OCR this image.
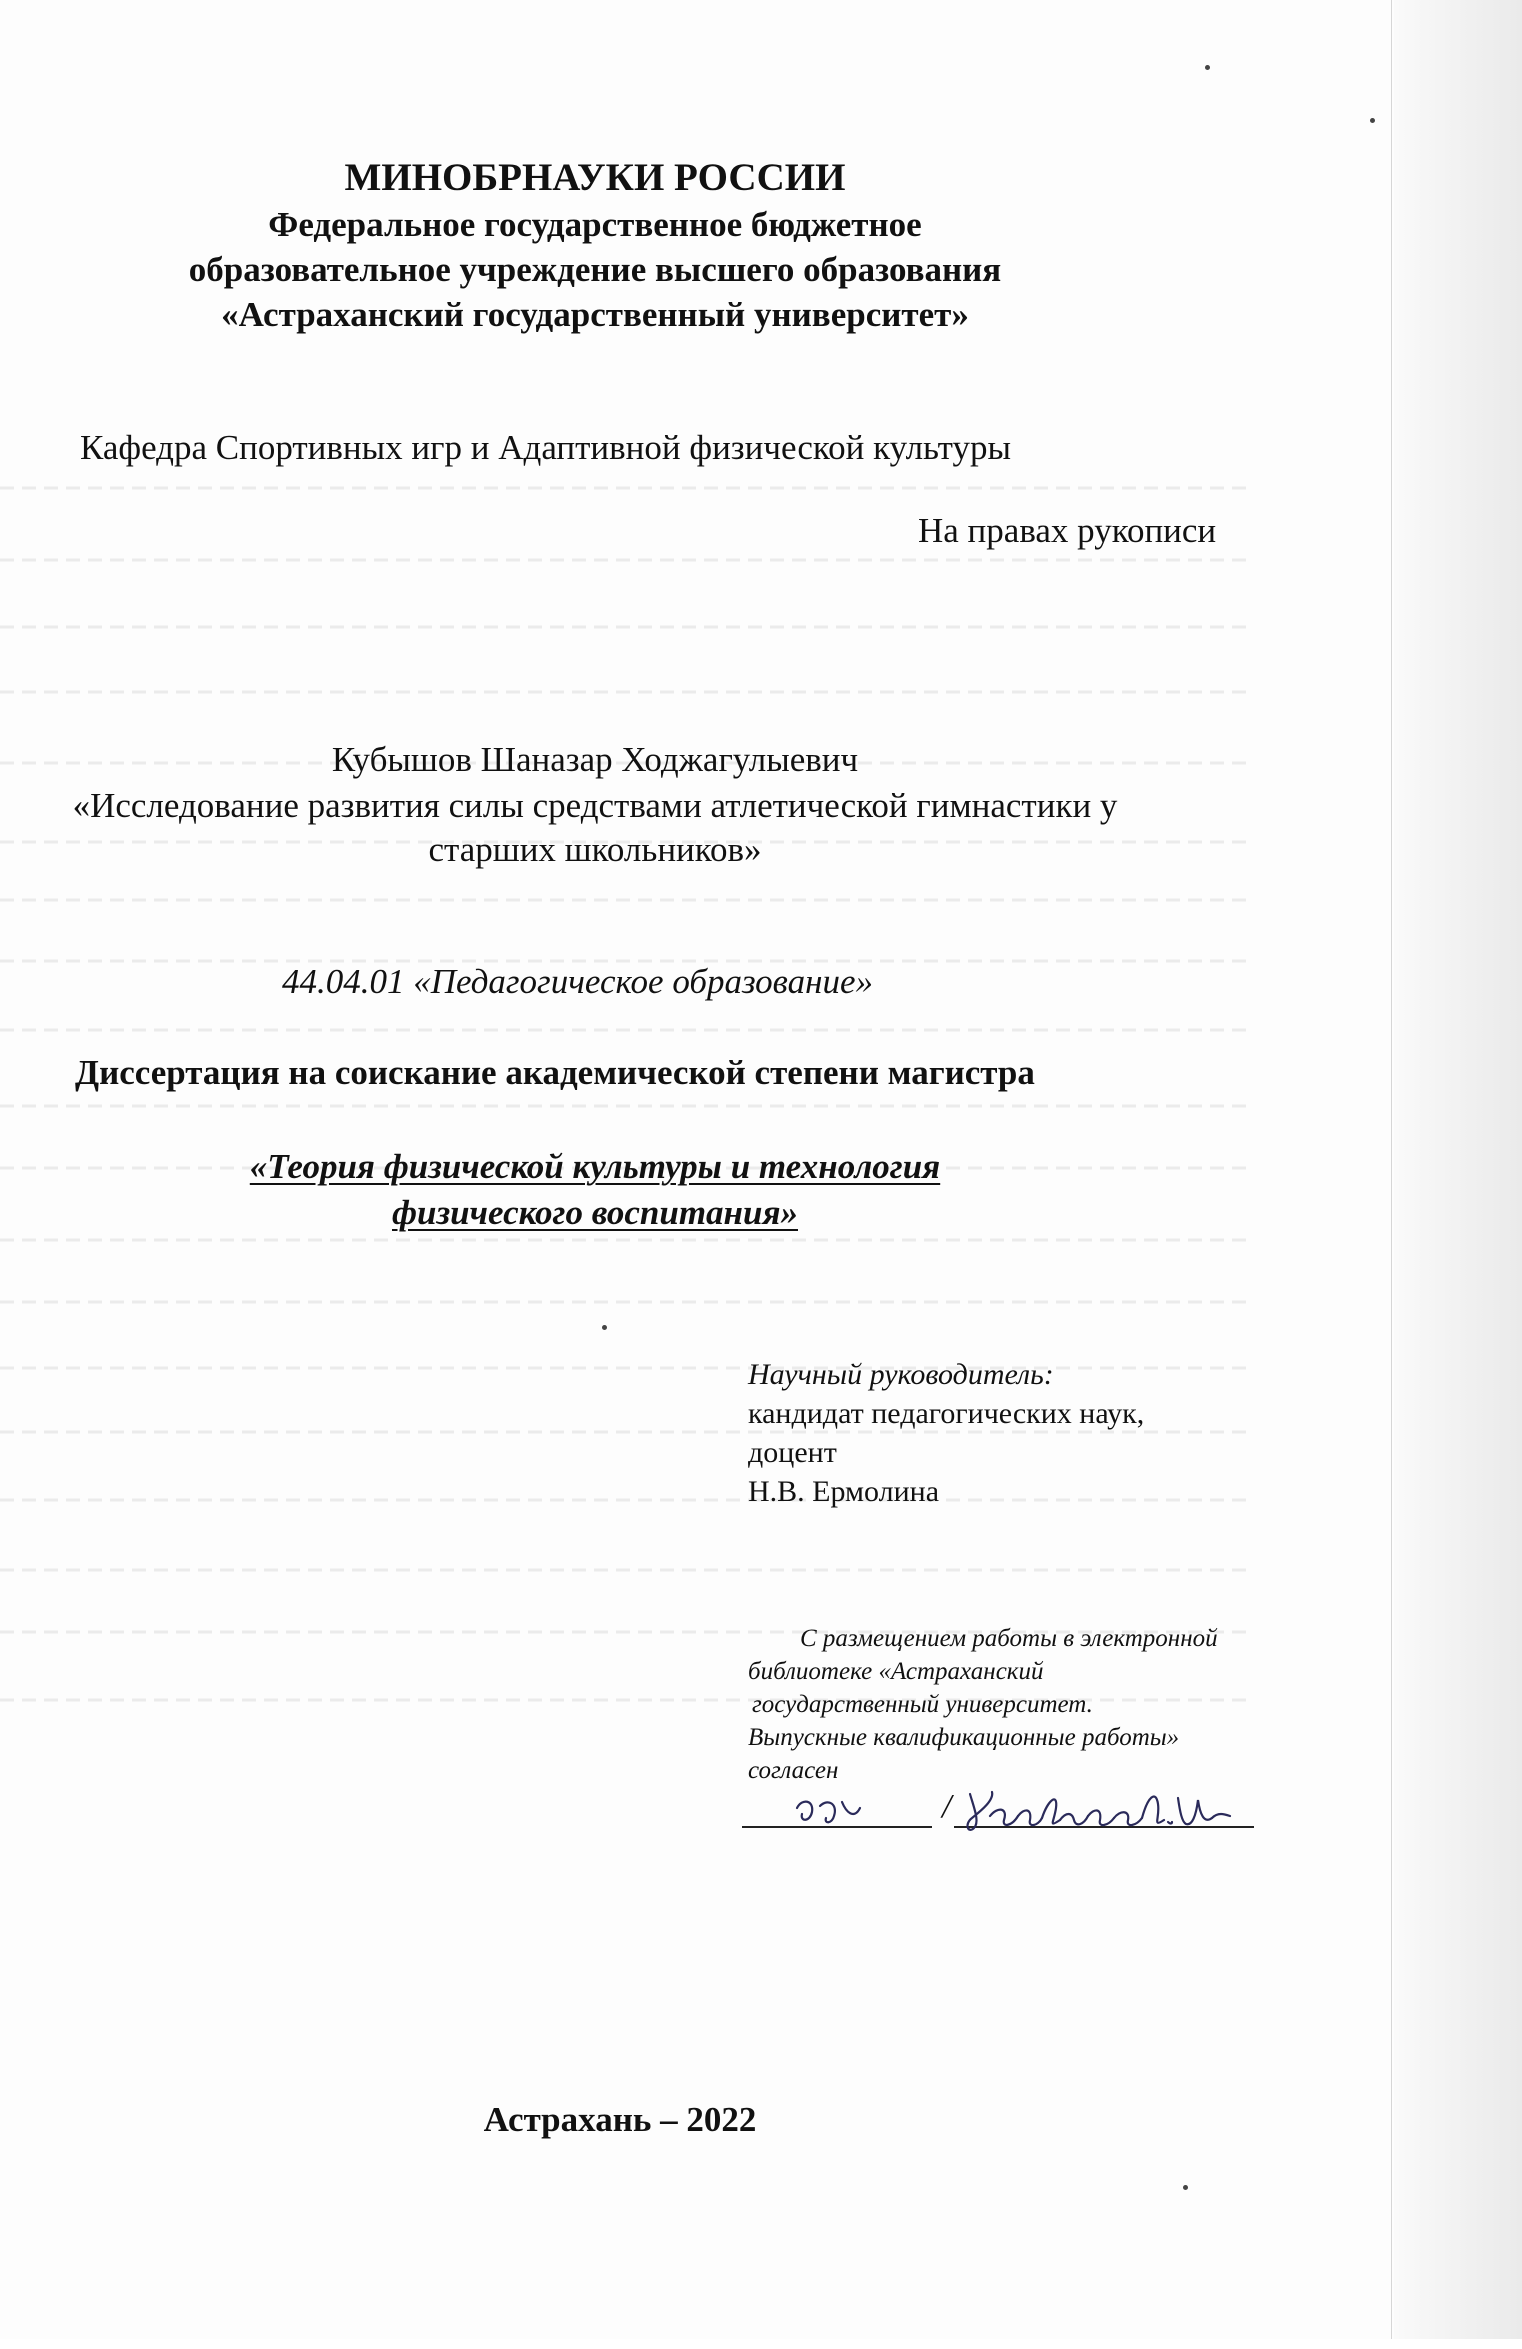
МИНОБРНАУКИ РОССИИ
Федеральное государственное бюджетное
образовательное учреждение высшего образования
«Астраханский государственный университет»
Кафедра Спортивных игр и Адаптивной физической культуры
На правах рукописи
Кубышов Шаназар Ходжагулыевич
«Исследование развития силы средствами атлетической гимнастики у
старших школьников»
44.04.01 «Педагогическое образование»
Диссертация на соискание академической степени магистра
«Теория физической культуры и технология
физического воспитания»
Научный руководитель:
кандидат педагогических наук,
доцент
Н.В. Ермолина
С размещением работы в электронной
библиотеке «Астраханский
государственный университет.
Выпускные квалификационные работы»
согласен
/
Астрахань – 2022
